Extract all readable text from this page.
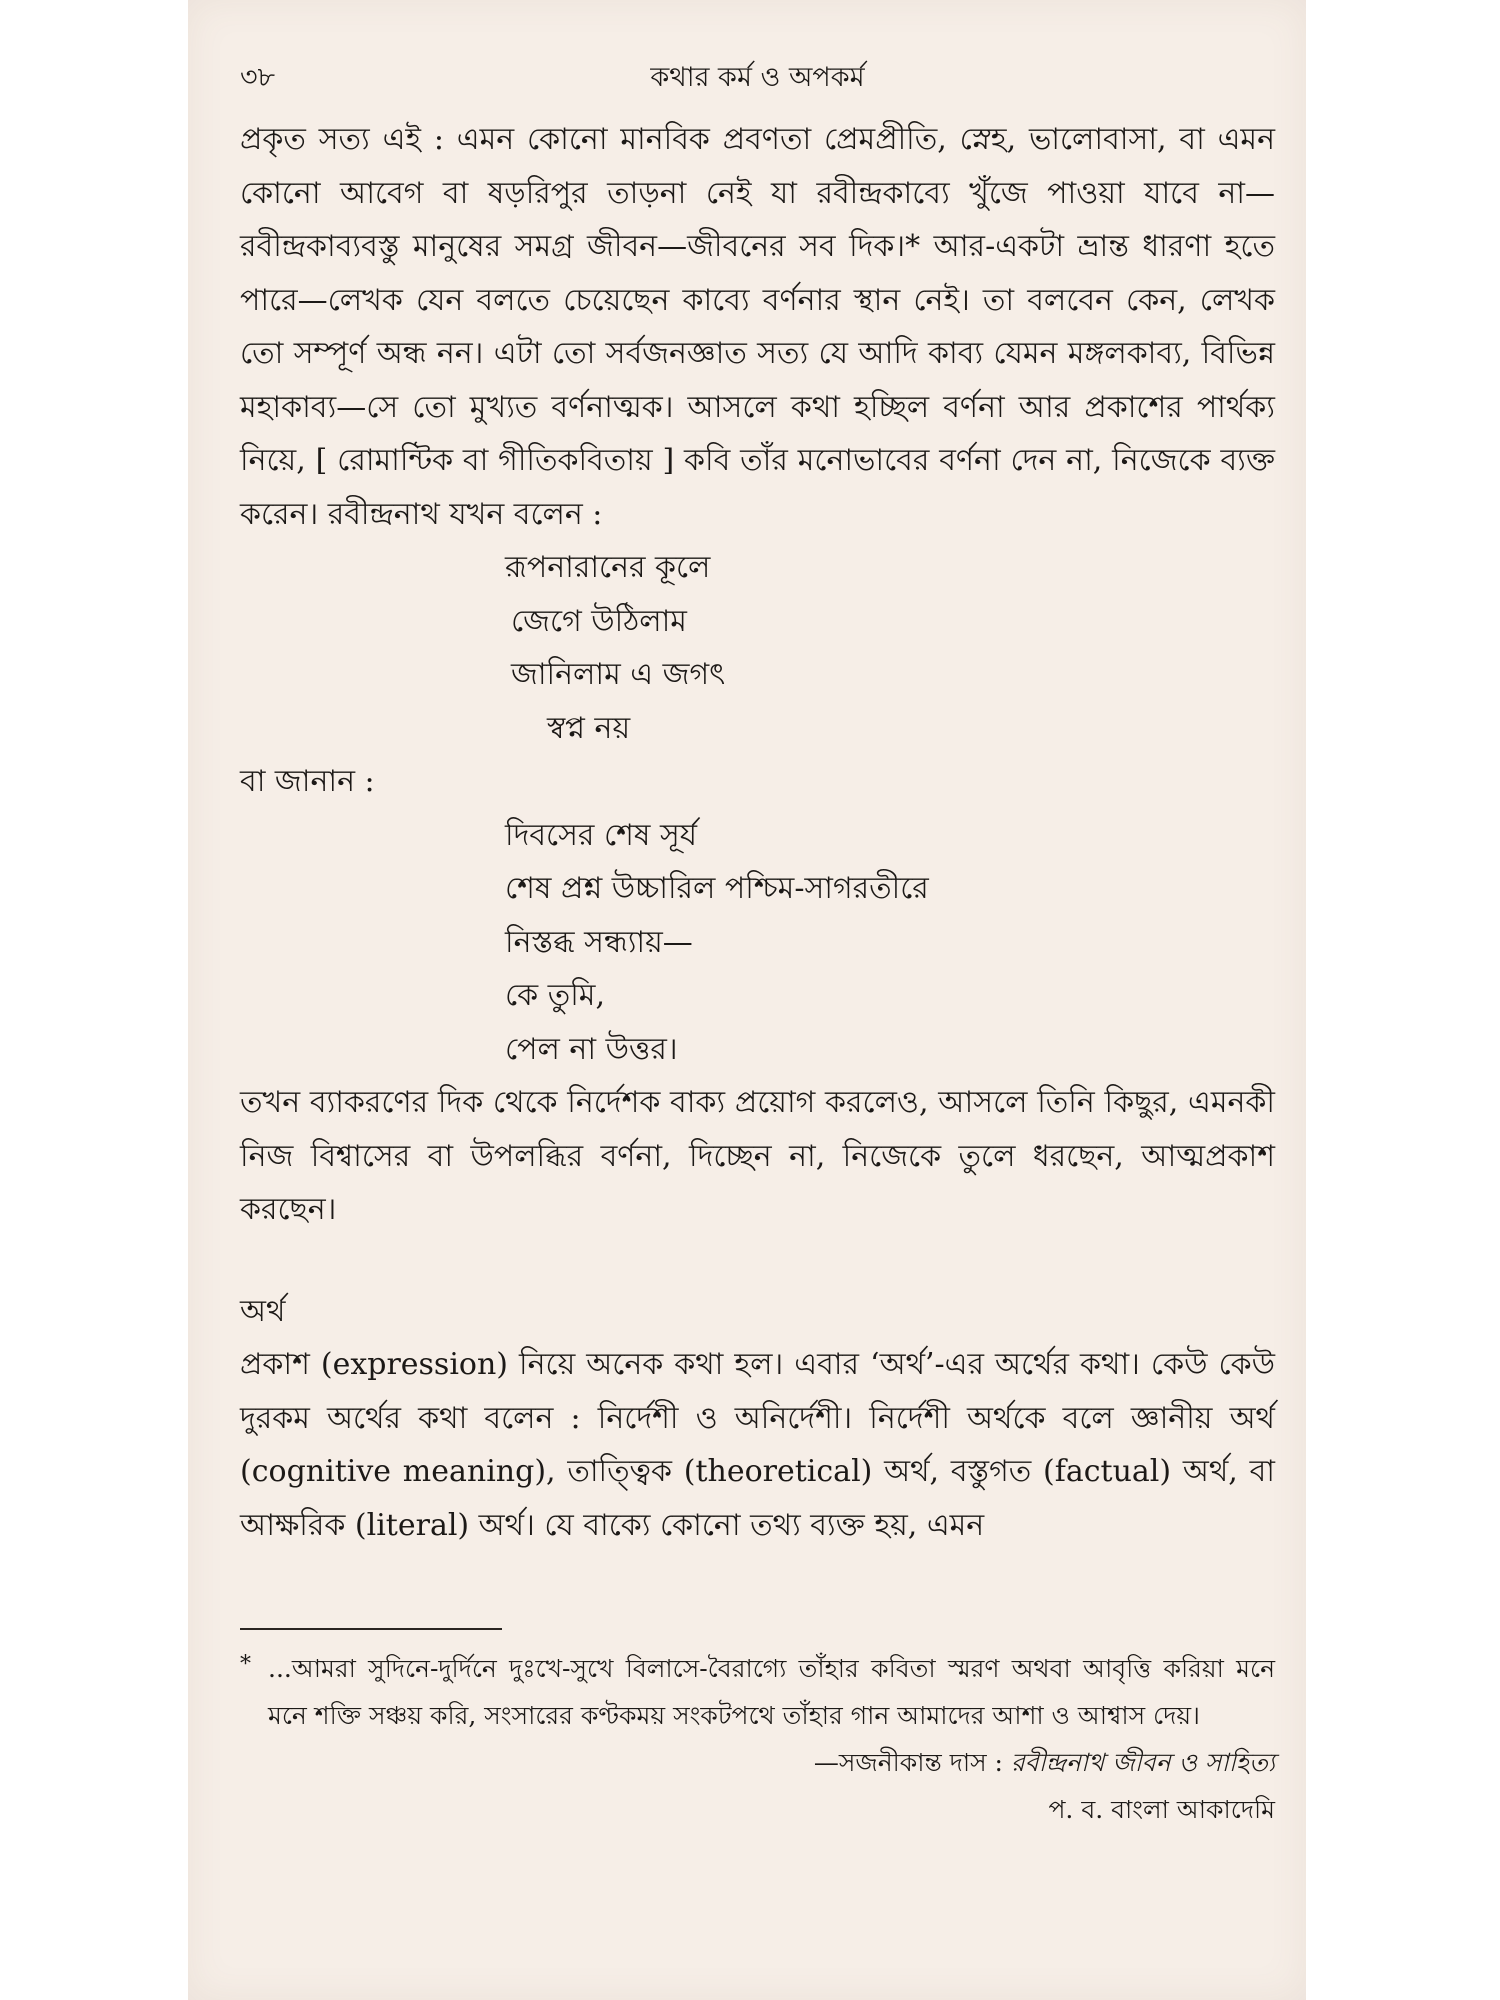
৩৮	কথার কর্ম ও অপকর্ম

প্রকৃত সত্য এই : এমন কোনো মানবিক প্রবণতা প্রেমপ্রীতি, স্নেহ, ভালোবাসা, বা এমন কোনো আবেগ বা ষড়রিপুর তাড়না নেই যা রবীন্দ্রকাব্যে খুঁজে পাওয়া যাবে না— রবীন্দ্রকাব্যবস্তু মানুষের সমগ্র জীবন—জীবনের সব দিক।* আর-একটা ভ্রান্ত ধারণা হতে পারে—লেখক যেন বলতে চেয়েছেন কাব্যে বর্ণনার স্থান নেই। তা বলবেন কেন, লেখক তো সম্পূর্ণ অন্ধ নন। এটা তো সর্বজনজ্ঞাত সত্য যে আদি কাব্য যেমন মঙ্গলকাব্য, বিভিন্ন মহাকাব্য—সে তো মুখ্যত বর্ণনাত্মক। আসলে কথা হচ্ছিল বর্ণনা আর প্রকাশের পার্থক্য নিয়ে, [ রোমান্টিক বা গীতিকবিতায় ] কবি তাঁর মনোভাবের বর্ণনা দেন না, নিজেকে ব্যক্ত করেন। রবীন্দ্রনাথ যখন বলেন :

রূপনারানের কূলে
জেগে উঠিলাম
জানিলাম এ জগৎ
স্বপ্ন নয়

বা জানান :

দিবসের শেষ সূর্য
শেষ প্রশ্ন উচ্চারিল পশ্চিম-সাগরতীরে
নিস্তব্ধ সন্ধ্যায়—
কে তুমি,
পেল না উত্তর।

তখন ব্যাকরণের দিক থেকে নির্দেশক বাক্য প্রয়োগ করলেও, আসলে তিনি কিছুর, এমনকী নিজ বিশ্বাসের বা উপলব্ধির বর্ণনা, দিচ্ছেন না, নিজেকে তুলে ধরছেন, আত্মপ্রকাশ করছেন।

অর্থ

প্রকাশ (expression) নিয়ে অনেক কথা হল। এবার ‘অর্থ’-এর অর্থের কথা। কেউ কেউ দুরকম অর্থের কথা বলেন : নির্দেশী ও অনির্দেশী। নির্দেশী অর্থকে বলে জ্ঞানীয় অর্থ (cognitive meaning), তাত্ত্বিক (theoretical) অর্থ, বস্তুগত (factual) অর্থ, বা আক্ষরিক (literal) অর্থ। যে বাক্যে কোনো তথ্য ব্যক্ত হয়, এমন

* ...আমরা সুদিনে-দুর্দিনে দুঃখে-সুখে বিলাসে-বৈরাগ্যে তাঁহার কবিতা স্মরণ অথবা আবৃত্তি করিয়া মনে মনে শক্তি সঞ্চয় করি, সংসারের কণ্টকময় সংকটপথে তাঁহার গান আমাদের আশা ও আশ্বাস দেয়।

—সজনীকান্ত দাস : রবীন্দ্রনাথ জীবন ও সাহিত্য

প. ব. বাংলা আকাদেমি
